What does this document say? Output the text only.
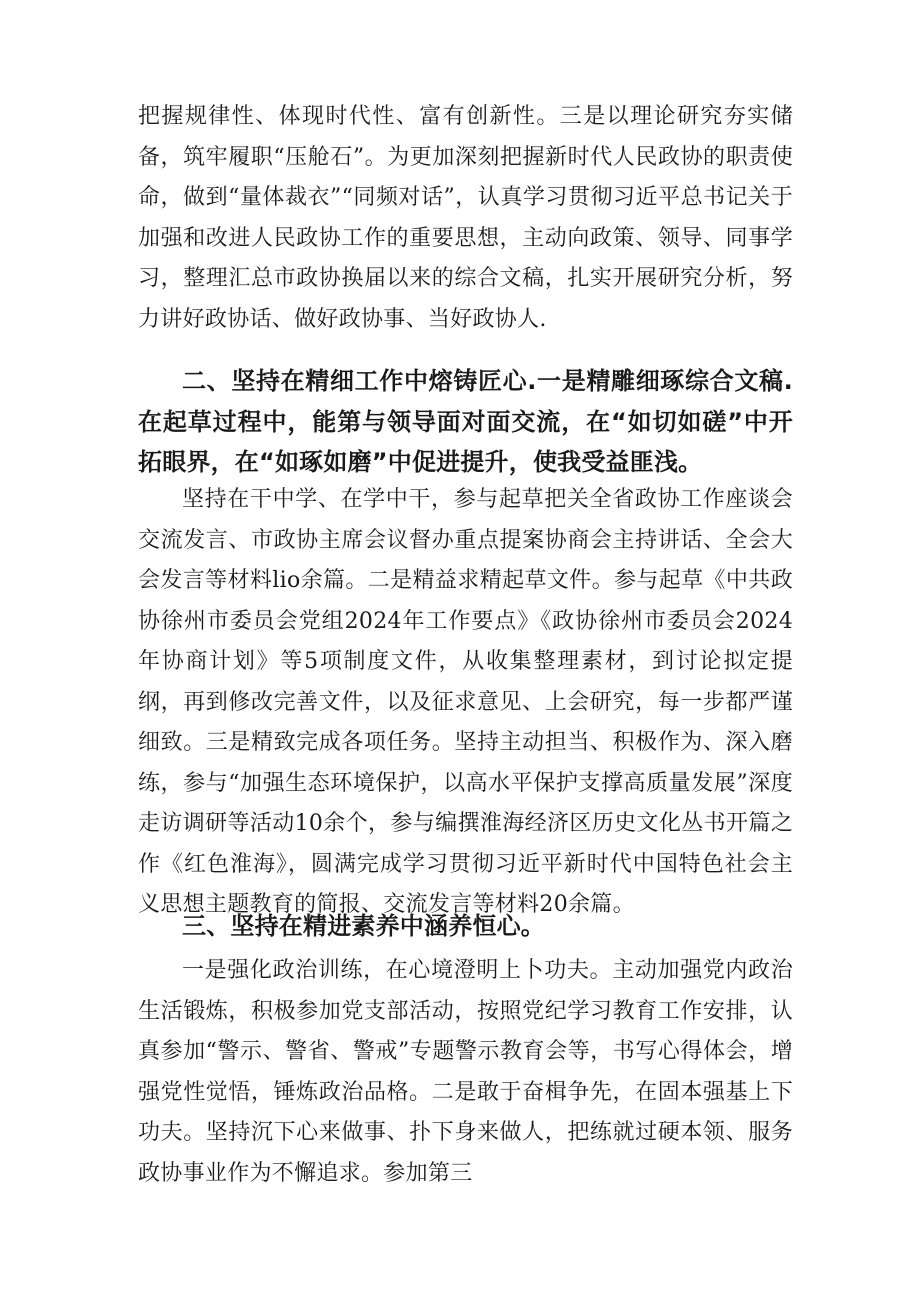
把握规律性、体现时代性、富有创新性。三是以理论研究夯实储备，筑牢履职“压舱石”。为更加深刻把握新时代人民政协的职责使命，做到“量体裁衣”“同频对话”，认真学习贯彻习近平总书记关于加强和改进人民政协工作的重要思想，主动向政策、领导、同事学习，整理汇总市政协换届以来的综合文稿，扎实开展研究分析，努力讲好政协话、做好政协事、当好政协人.

二、坚持在精细工作中熔铸匠心.一是精雕细琢综合文稿.在起草过程中，能第与领导面对面交流，在“如切如磋”中开拓眼界，在“如琢如磨”中促进提升，使我受益匪浅。

坚持在干中学、在学中干，参与起草把关全省政协工作座谈会交流发言、市政协主席会议督办重点提案协商会主持讲话、全会大会发言等材料lio余篇。二是精益求精起草文件。参与起草《中共政协徐州市委员会党组2024年工作要点》《政协徐州市委员会2024年协商计划》等5项制度文件，从收集整理素材，到讨论拟定提纲，再到修改完善文件，以及征求意见、上会研究，每一步都严谨细致。三是精致完成各项任务。坚持主动担当、积极作为、深入磨练，参与“加强生态环境保护，以高水平保护支撑高质量发展”深度走访调研等活动10余个，参与编撰淮海经济区历史文化丛书开篇之作《红色淮海》，圆满完成学习贯彻习近平新时代中国特色社会主义思想主题教育的简报、交流发言等材料20余篇。

三、坚持在精进素养中涵养恒心。

一是强化政治训练，在心境澄明上卜功夫。主动加强党内政治生活锻炼，积极参加党支部活动，按照党纪学习教育工作安排，认真参加“警示、警省、警戒”专题警示教育会等，书写心得体会，增强党性觉悟，锤炼政治品格。二是敢于奋楫争先，在固本强基上下功夫。坚持沉下心来做事、扑下身来做人，把练就过硬本领、服务政协事业作为不懈追求。参加第三
